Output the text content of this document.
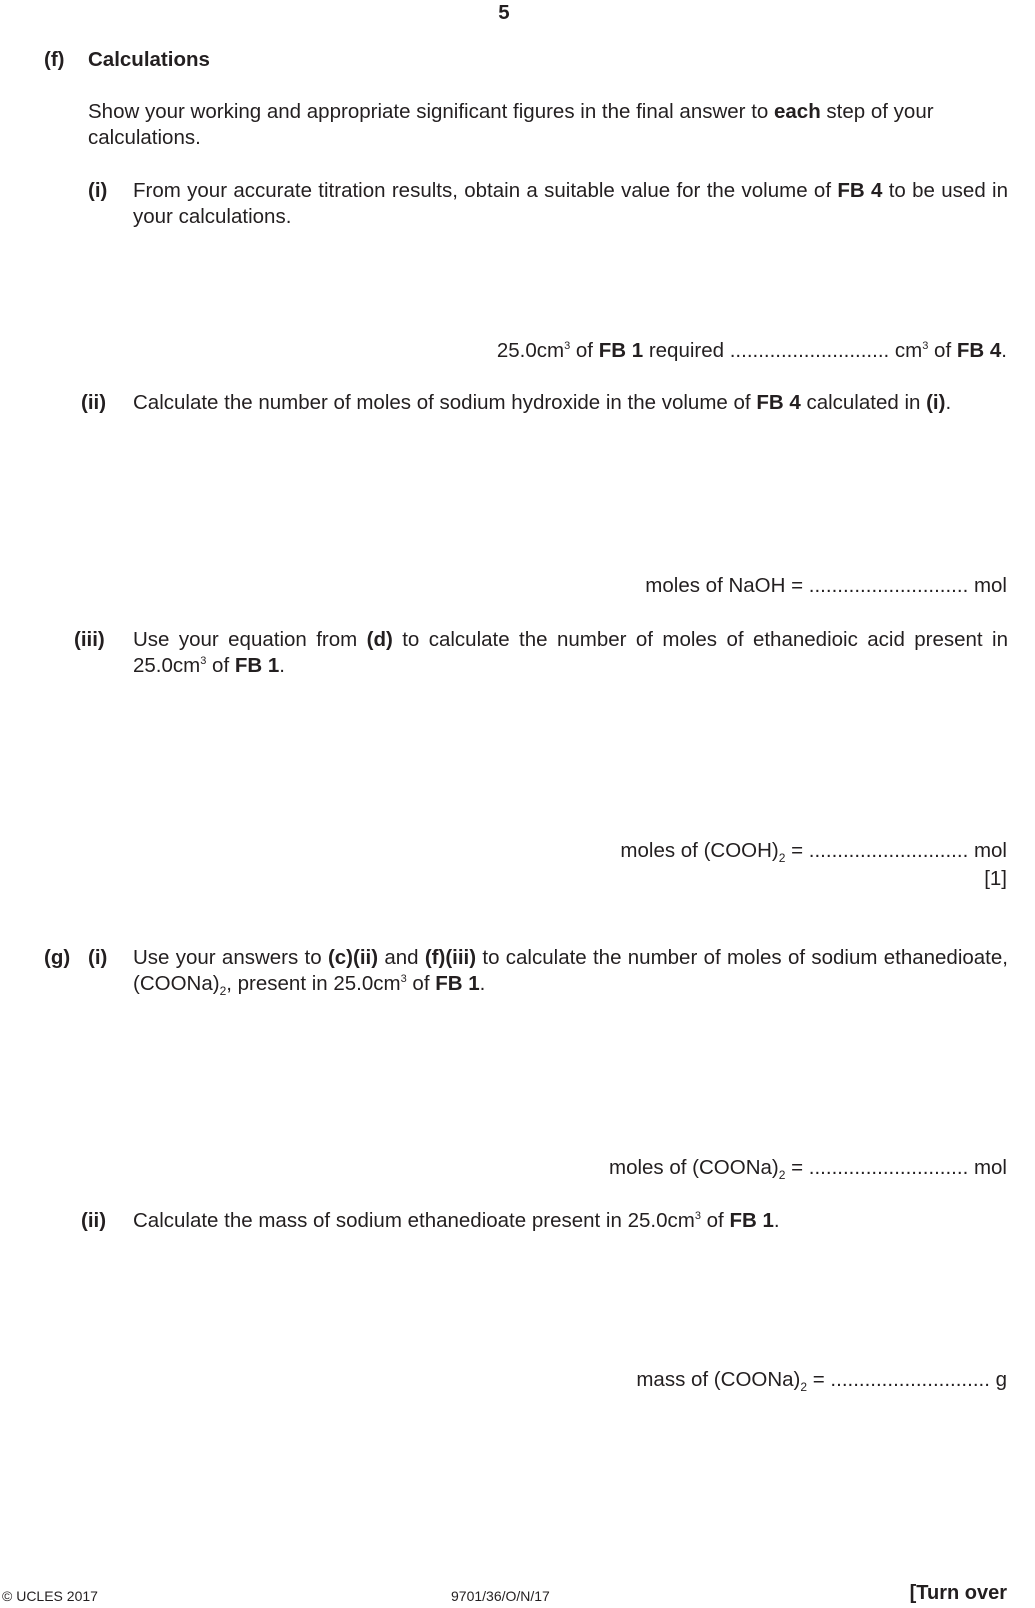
5
(f) Calculations
Show your working and appropriate significant figures in the final answer to each step of your calculations.
(i) From your accurate titration results, obtain a suitable value for the volume of FB 4 to be used in your calculations.
$25.0cm^3$ of FB 1 required ............................ $cm^3$ of FB 4.
(ii) Calculate the number of moles of sodium hydroxide in the volume of FB 4 calculated in (i).
moles of NaOH = ............................ mol
(iii) Use your equation from (d) to calculate the number of moles of ethanedioic acid present in $25.0cm^3$ of FB 1.
moles of $(COOH)_2$ = ............................ mol
[1]
(g) (i) Use your answers to (c)(ii) and (f)(iii) to calculate the number of moles of sodium ethanedioate, $(COONa)_2$, present in $25.0cm^3$ of FB 1.
moles of $(COONa)_2$ = ............................ mol
(ii) Calculate the mass of sodium ethanedioate present in $25.0cm^3$ of FB 1.
mass of $(COONa)_2$ = ............................ g
© UCLES 2017	9701/36/O/N/17	[Turn over
